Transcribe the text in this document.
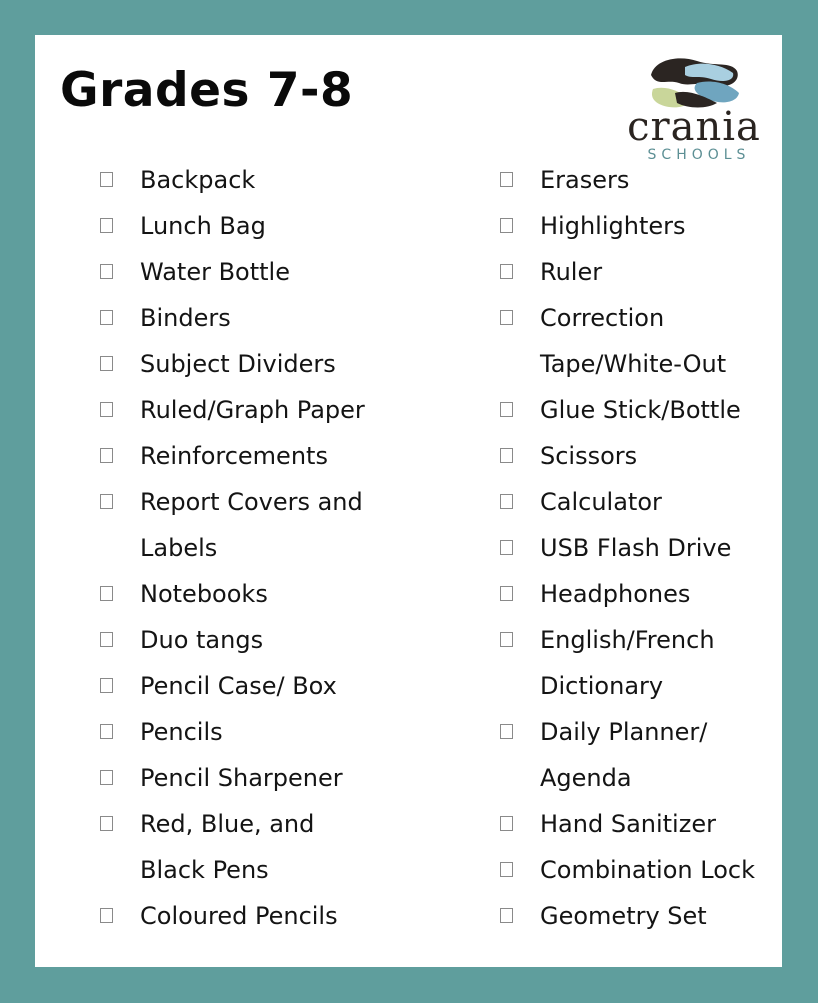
Grades 7-8
crania
SCHOOLS
Backpack
Lunch Bag
Water Bottle
Binders
Subject Dividers
Ruled/Graph Paper
Reinforcements
Report Covers and Labels
Notebooks
Duo tangs
Pencil Case/ Box
Pencils
Pencil Sharpener
Red, Blue, and Black Pens
Coloured Pencils
Erasers
Highlighters
Ruler
Correction Tape/White-Out
Glue Stick/Bottle
Scissors
Calculator
USB Flash Drive
Headphones
English/French Dictionary
Daily Planner/ Agenda
Hand Sanitizer
Combination Lock
Geometry Set
